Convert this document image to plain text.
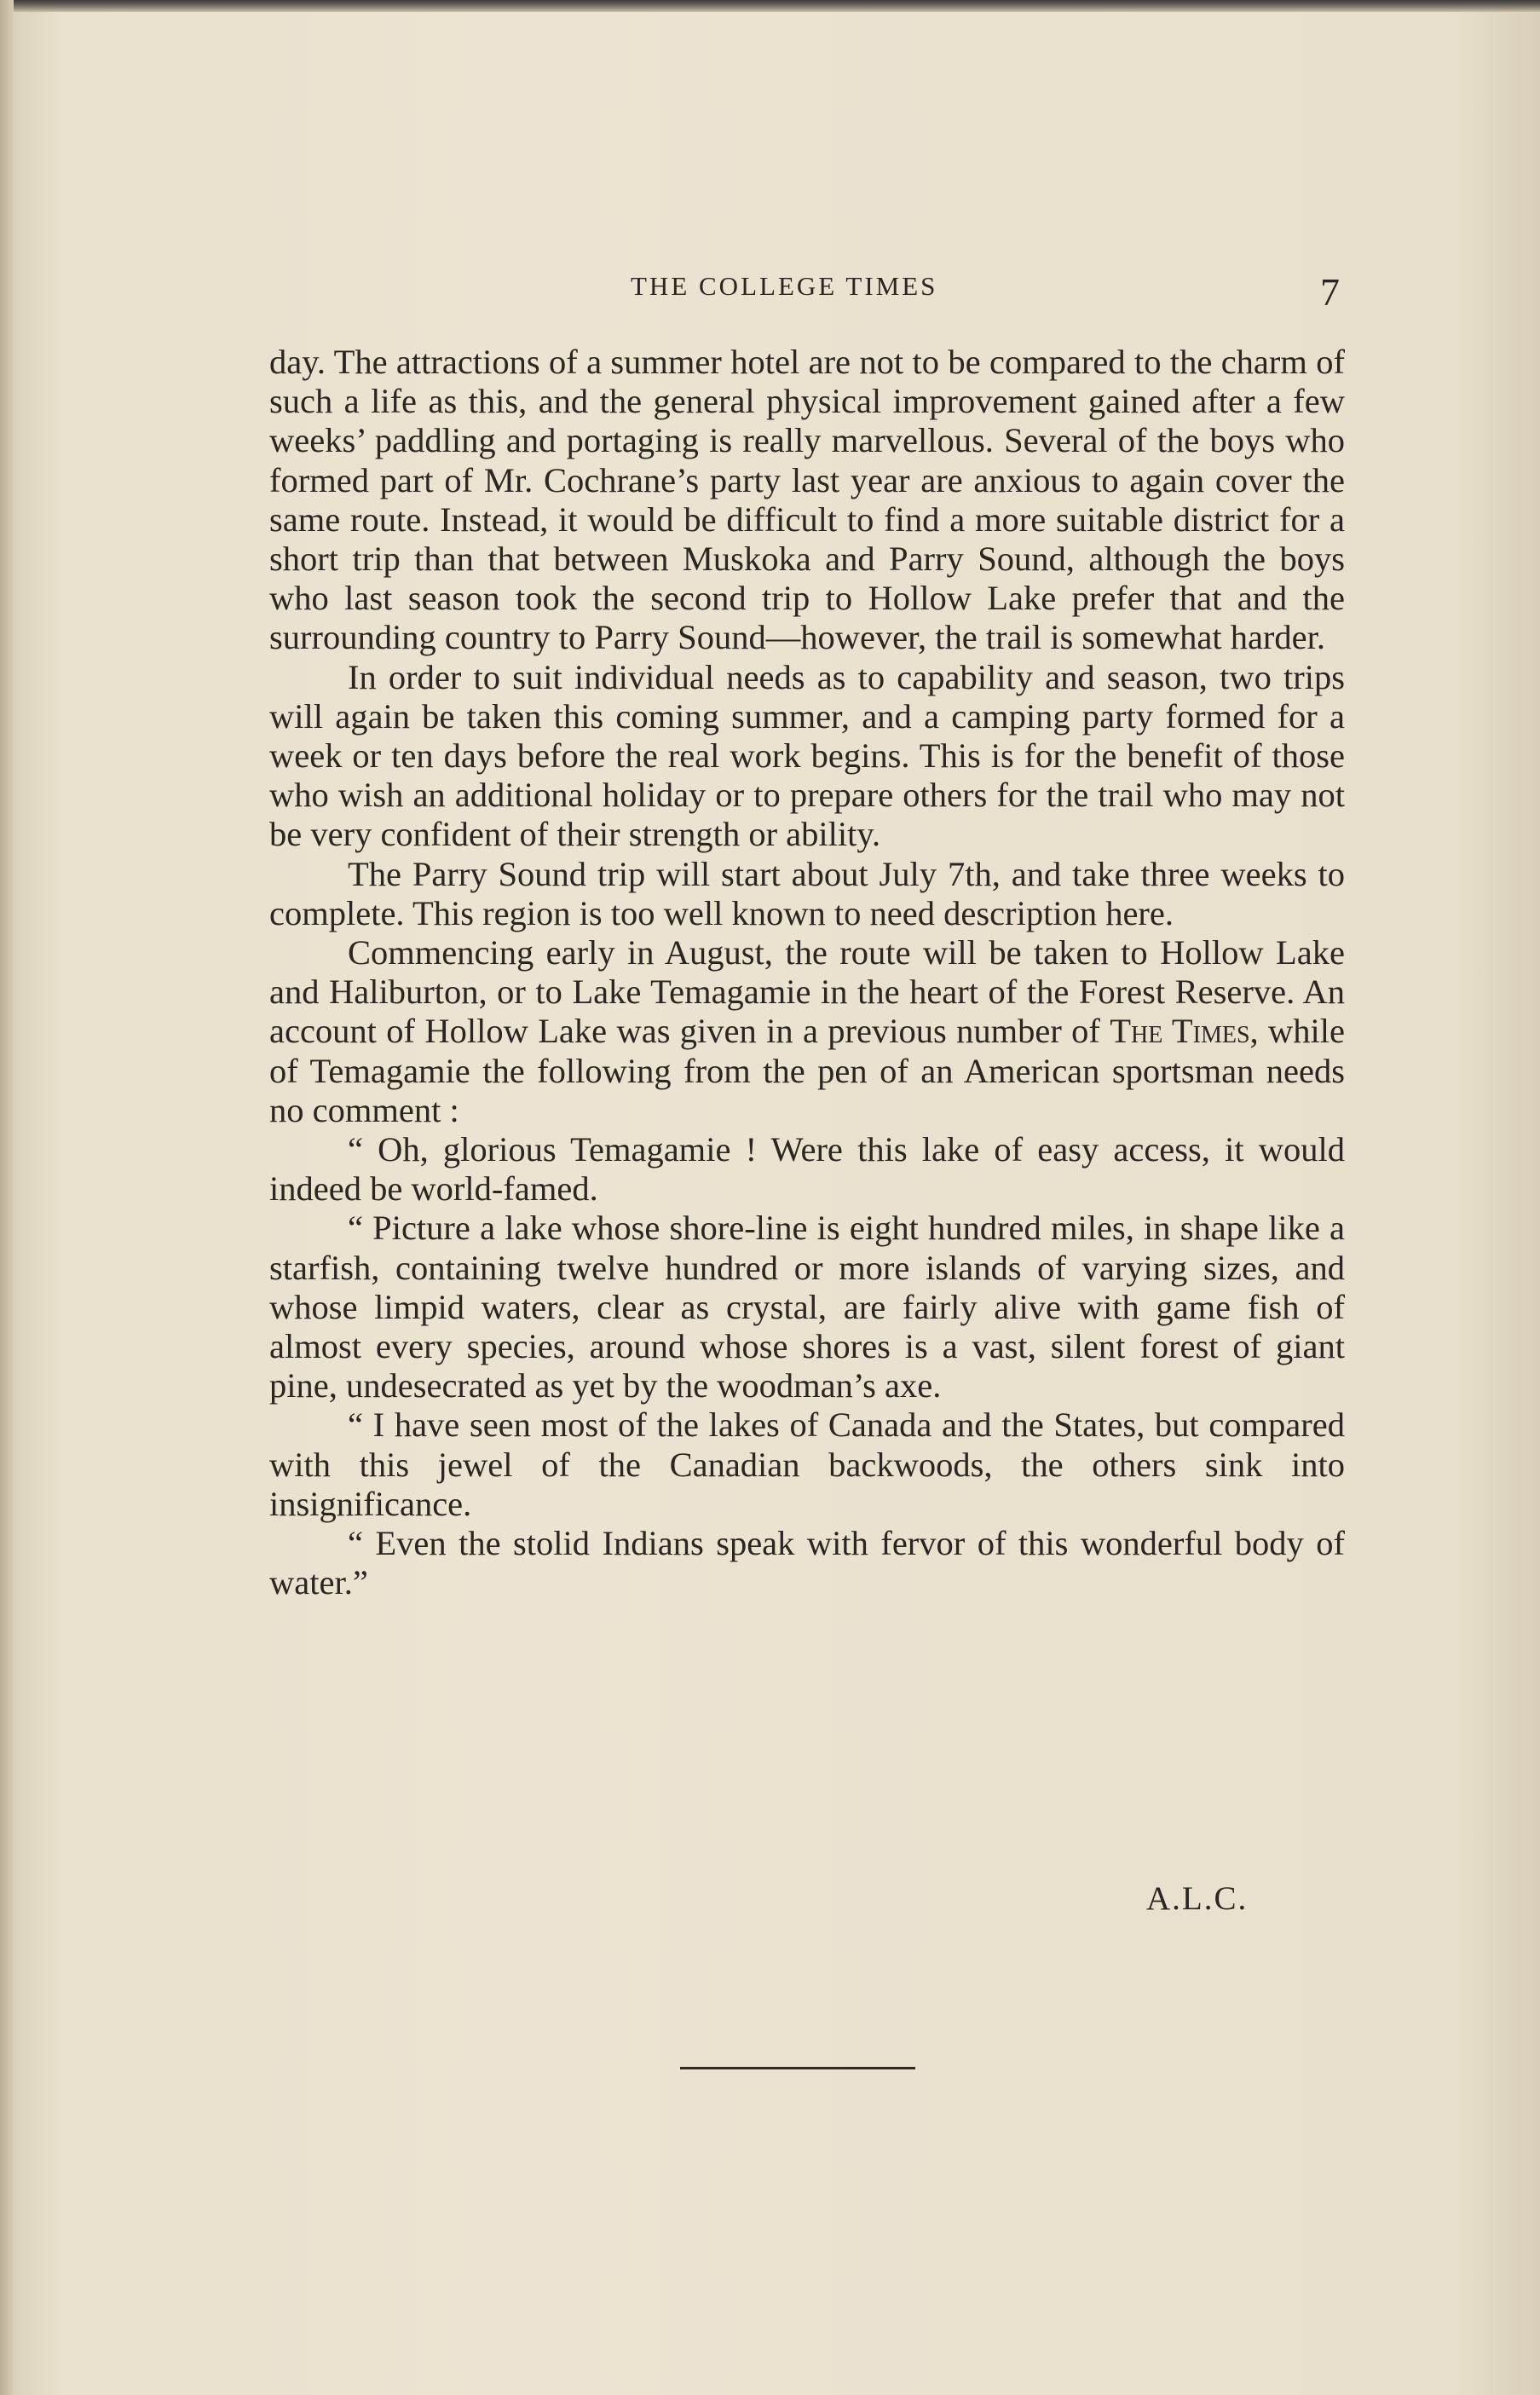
THE COLLEGE TIMES	7

day. The attractions of a summer hotel are not to be compared to the charm of such a life as this, and the general physical improvement gained after a few weeks’ paddling and portaging is really marvellous. Several of the boys who formed part of Mr. Cochrane’s party last year are anxious to again cover the same route. Instead, it would be difficult to find a more suitable district for a short trip than that between Muskoka and Parry Sound, although the boys who last season took the second trip to Hollow Lake prefer that and the surrounding country to Parry Sound—however, the trail is somewhat harder.

In order to suit individual needs as to capability and season, two trips will again be taken this coming summer, and a camping party formed for a week or ten days before the real work begins. This is for the benefit of those who wish an additional holiday or to prepare others for the trail who may not be very confident of their strength or ability.

The Parry Sound trip will start about July 7th, and take three weeks to complete. This region is too well known to need description here.

Commencing early in August, the route will be taken to Hollow Lake and Haliburton, or to Lake Temagamie in the heart of the Forest Reserve. An account of Hollow Lake was given in a previous number of The Times, while of Temagamie the following from the pen of an American sportsman needs no comment :

“ Oh, glorious Temagamie ! Were this lake of easy access, it would indeed be world-famed.

“ Picture a lake whose shore-line is eight hundred miles, in shape like a starfish, containing twelve hundred or more islands of varying sizes, and whose limpid waters, clear as crystal, are fairly alive with game fish of almost every species, around whose shores is a vast, silent forest of giant pine, undesecrated as yet by the woodman’s axe.

“ I have seen most of the lakes of Canada and the States, but compared with this jewel of the Canadian backwoods, the others sink into insignificance.

“ Even the stolid Indians speak with fervor of this wonderful body of water.”

A.L.C.
